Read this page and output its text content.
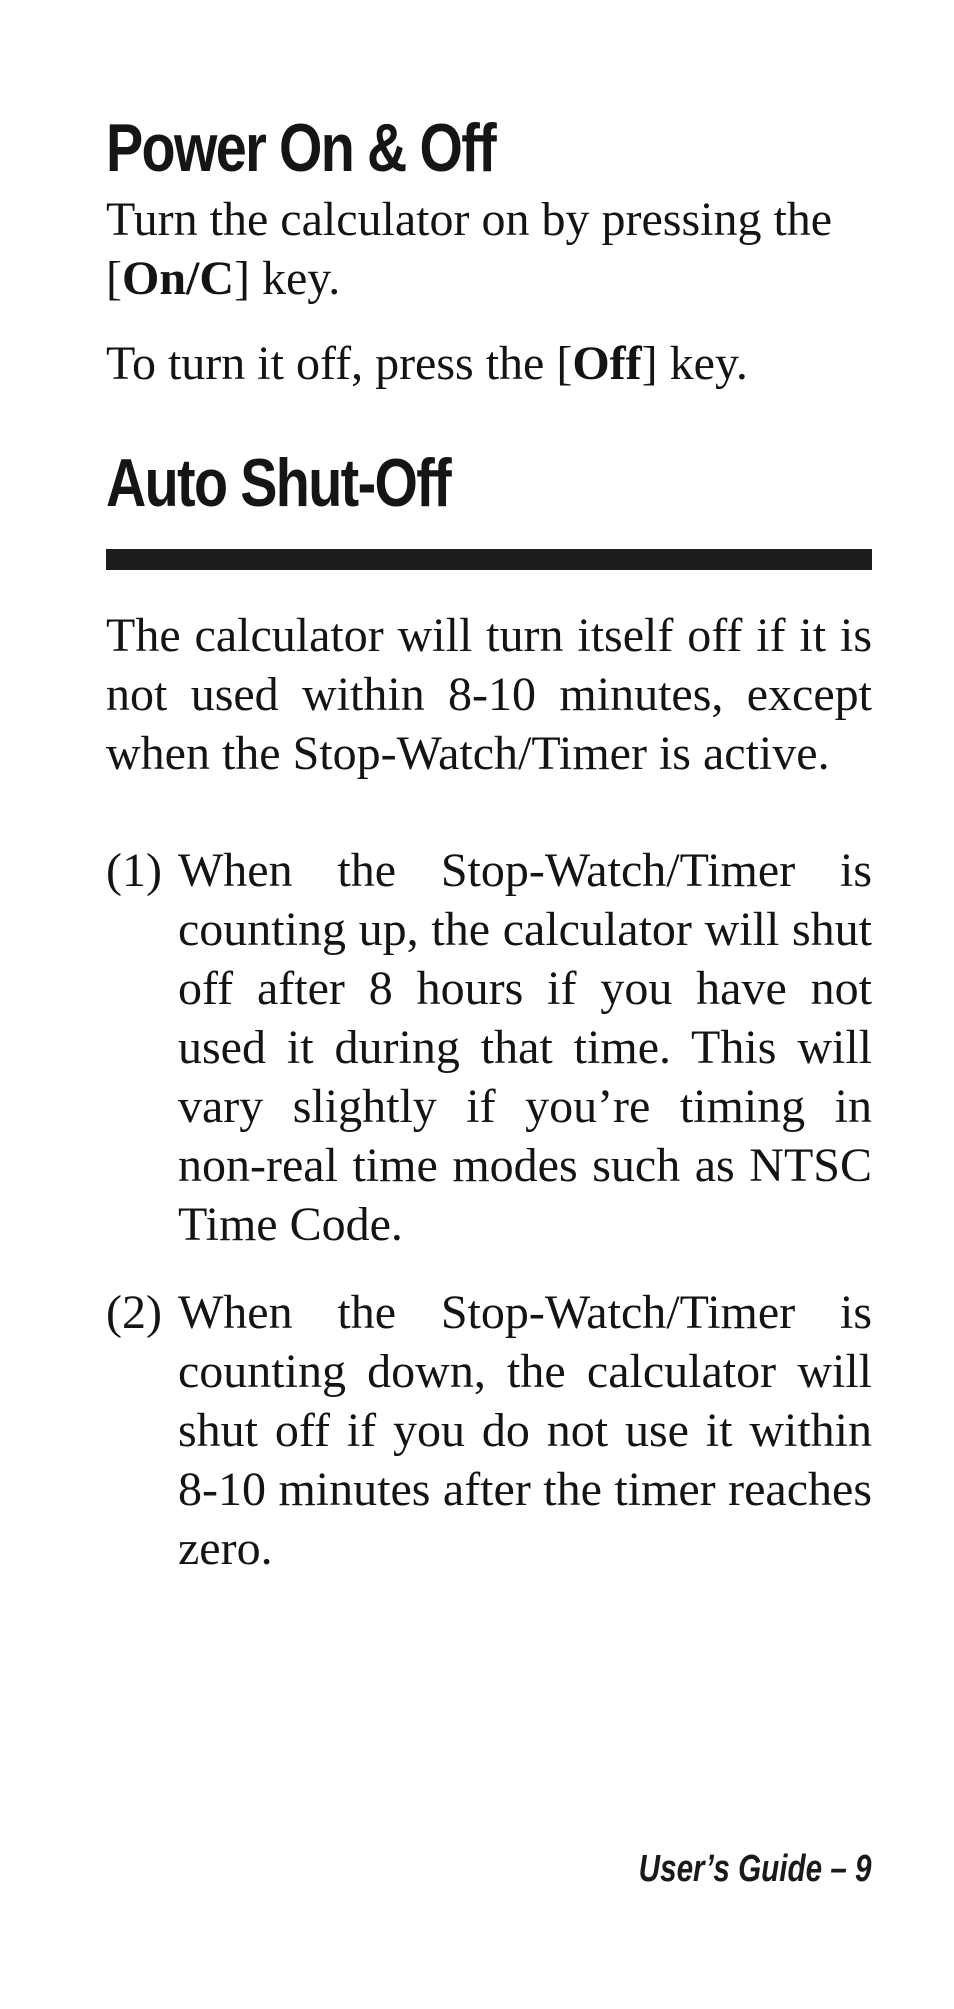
Power On & Off

Turn the calculator on by pressing the [On/C] key.

To turn it off, press the [Off] key.

Auto Shut-Off

The calculator will turn itself off if it is not used within 8-10 minutes, except when the Stop-Watch/Timer is active.

(1) When the Stop-Watch/Timer is counting up, the calculator will shut off after 8 hours if you have not used it during that time. This will vary slightly if you’re timing in non-real time modes such as NTSC Time Code.
(2) When the Stop-Watch/Timer is counting down, the calculator will shut off if you do not use it within 8-10 minutes after the timer reaches zero.
User’s Guide – 9
